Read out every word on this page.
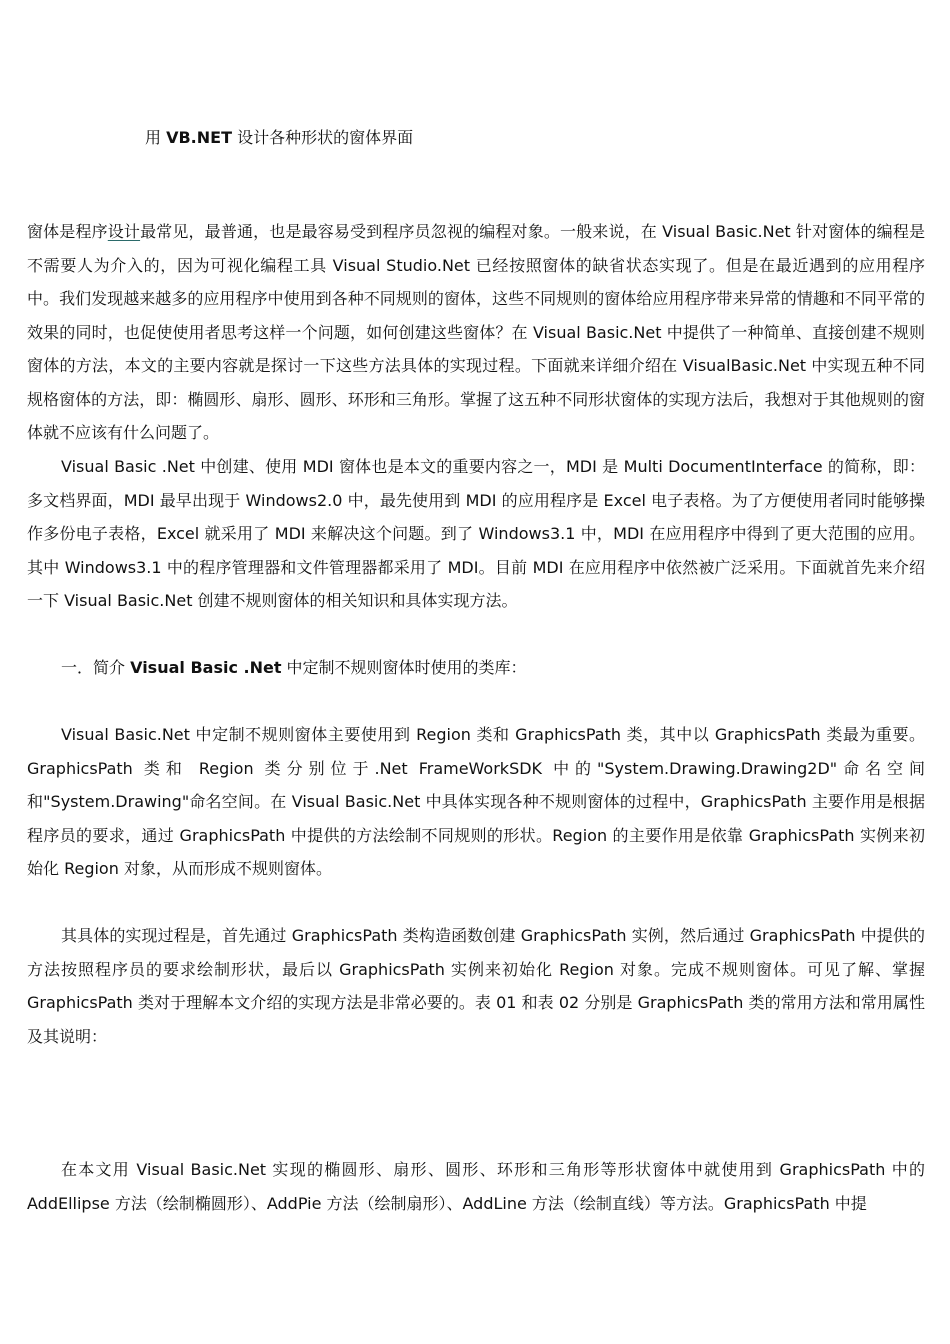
用 VB.NET 设计各种形状的窗体界面

窗体是程序设计最常见，最普通，也是最容易受到程序员忽视的编程对象。一般来说，在 Visual Basic.Net 针对窗体的编程是不需要人为介入的，因为可视化编程工具 Visual Studio.Net 已经按照窗体的缺省状态实现了。但是在最近遇到的应用程序中。我们发现越来越多的应用程序中使用到各种不同规则的窗体，这些不同规则的窗体给应用程序带来异常的情趣和不同平常的效果的同时，也促使使用者思考这样一个问题，如何创建这些窗体？在 Visual Basic.Net 中提供了一种简单、直接创建不规则窗体的方法，本文的主要内容就是探讨一下这些方法具体的实现过程。下面就来详细介绍在 VisualBasic.Net 中实现五种不同规格窗体的方法，即：椭圆形、扇形、圆形、环形和三角形。掌握了这五种不同形状窗体的实现方法后，我想对于其他规则的窗体就不应该有什么问题了。

Visual Basic .Net 中创建、使用 MDI 窗体也是本文的重要内容之一，MDI 是 Multi DocumentInterface 的简称，即：多文档界面，MDI 最早出现于 Windows2.0 中，最先使用到 MDI 的应用程序是 Excel 电子表格。为了方便使用者同时能够操作多份电子表格，Excel 就采用了 MDI 来解决这个问题。到了 Windows3.1 中，MDI 在应用程序中得到了更大范围的应用。其中 Windows3.1 中的程序管理器和文件管理器都采用了 MDI。目前 MDI 在应用程序中依然被广泛采用。下面就首先来介绍一下 Visual Basic.Net 创建不规则窗体的相关知识和具体实现方法。

一．简介 Visual Basic .Net 中定制不规则窗体时使用的类库：

Visual Basic.Net 中定制不规则窗体主要使用到 Region 类和 GraphicsPath 类，其中以 GraphicsPath 类最为重要。GraphicsPath 类和 Region 类分别位于.Net FrameWorkSDK 中的"System.Drawing.Drawing2D"命名空间和"System.Drawing"命名空间。在 Visual Basic.Net 中具体实现各种不规则窗体的过程中，GraphicsPath 主要作用是根据程序员的要求，通过 GraphicsPath 中提供的方法绘制不同规则的形状。Region 的主要作用是依靠 GraphicsPath 实例来初始化 Region 对象，从而形成不规则窗体。

其具体的实现过程是，首先通过 GraphicsPath 类构造函数创建 GraphicsPath 实例，然后通过 GraphicsPath 中提供的方法按照程序员的要求绘制形状，最后以 GraphicsPath 实例来初始化 Region 对象。完成不规则窗体。可见了解、掌握 GraphicsPath 类对于理解本文介绍的实现方法是非常必要的。表 01 和表 02 分别是 GraphicsPath 类的常用方法和常用属性及其说明：

在本文用 Visual Basic.Net 实现的椭圆形、扇形、圆形、环形和三角形等形状窗体中就使用到 GraphicsPath 中的 AddEllipse 方法（绘制椭圆形）、AddPie 方法（绘制扇形）、AddLine 方法（绘制直线）等方法。GraphicsPath 中提
